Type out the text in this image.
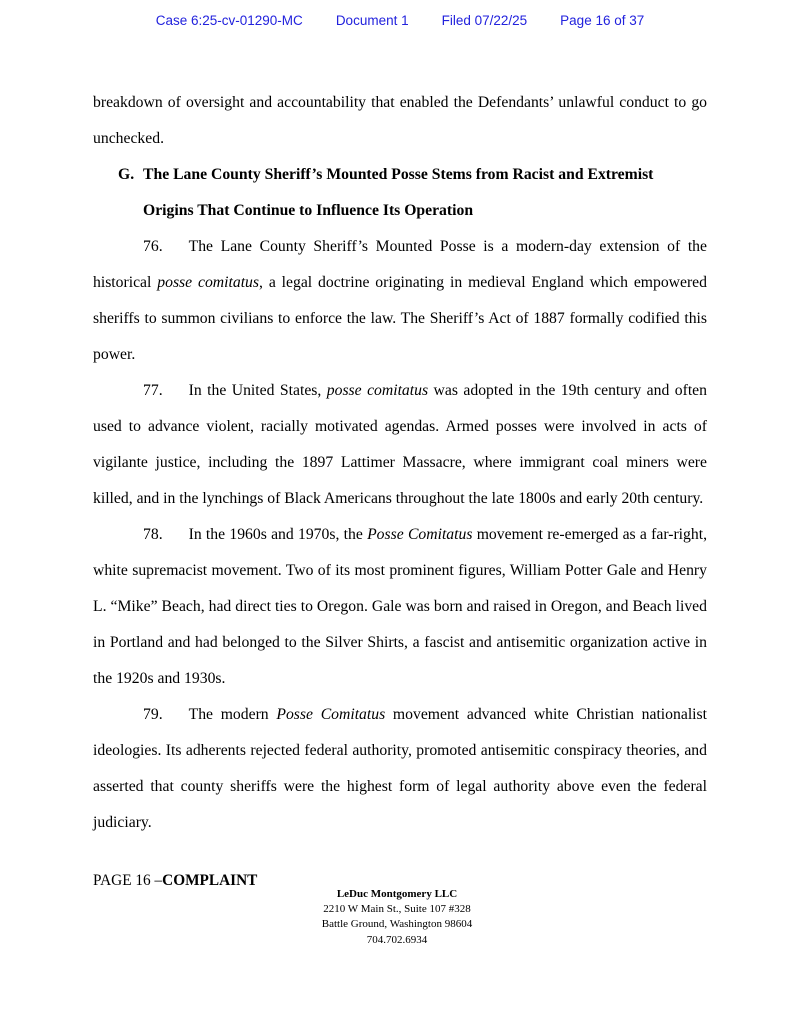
Case 6:25-cv-01290-MC Document 1 Filed 07/22/25 Page 16 of 37

breakdown of oversight and accountability that enabled the Defendants’ unlawful conduct to go unchecked.

G. The Lane County Sheriff’s Mounted Posse Stems from Racist and Extremist
Origins That Continue to Influence Its Operation

76. The Lane County Sheriff’s Mounted Posse is a modern-day extension of the historical posse comitatus, a legal doctrine originating in medieval England which empowered sheriffs to summon civilians to enforce the law. The Sheriff’s Act of 1887 formally codified this power.

77. In the United States, posse comitatus was adopted in the 19th century and often used to advance violent, racially motivated agendas. Armed posses were involved in acts of vigilante justice, including the 1897 Lattimer Massacre, where immigrant coal miners were killed, and in the lynchings of Black Americans throughout the late 1800s and early 20th century.

78. In the 1960s and 1970s, the Posse Comitatus movement re-emerged as a far-right, white supremacist movement. Two of its most prominent figures, William Potter Gale and Henry L. “Mike” Beach, had direct ties to Oregon. Gale was born and raised in Oregon, and Beach lived in Portland and had belonged to the Silver Shirts, a fascist and antisemitic organization active in the 1920s and 1930s.

79. The modern Posse Comitatus movement advanced white Christian nationalist ideologies. Its adherents rejected federal authority, promoted antisemitic conspiracy theories, and asserted that county sheriffs were the highest form of legal authority above even the federal judiciary.

PAGE 16 –COMPLAINT
LeDuc Montgomery LLC
2210 W Main St., Suite 107 #328
Battle Ground, Washington 98604
704.702.6934
